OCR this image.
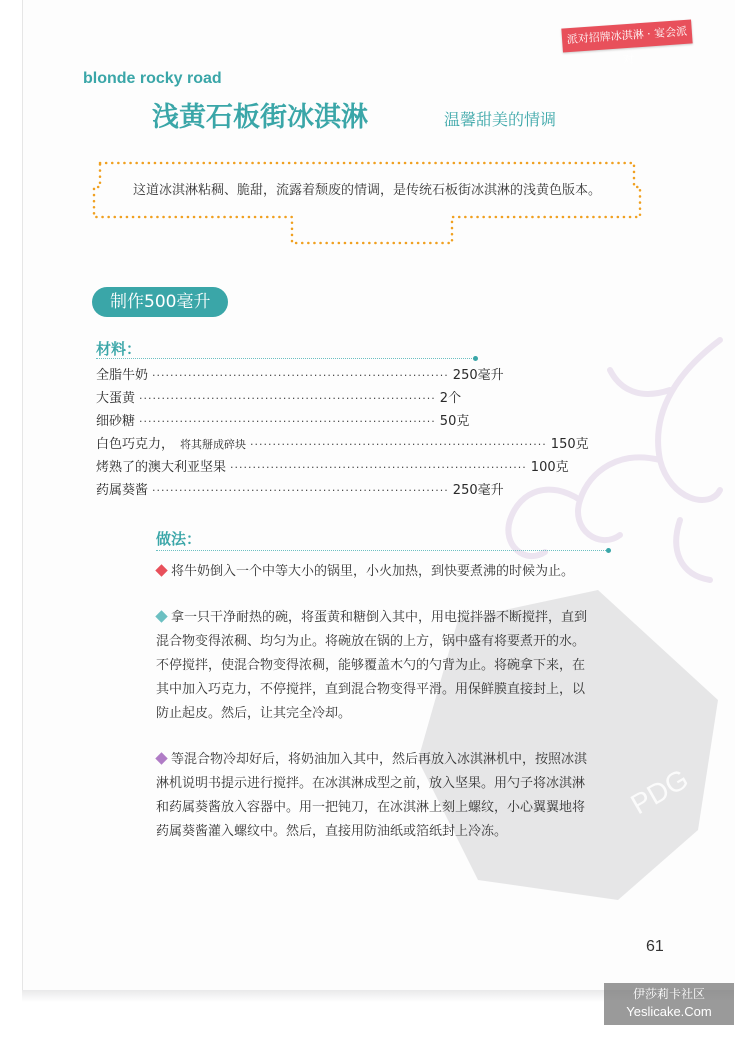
PDG
派对招牌冰淇淋 · 宴会派对
blonde rocky road
浅黄石板街冰淇淋	温馨甜美的情调
这道冰淇淋粘稠、脆甜，流露着颓废的情调，是传统石板街冰淇淋的浅黄色版本。
制作500毫升
材料：
全脂牛奶 ·································································· 250毫升
大蛋黄 ·································································· 2个
细砂糖 ·································································· 50克
白色巧克力， 将其掰成碎块 ·································································· 150克
烤熟了的澳大利亚坚果 ·································································· 100克
药属葵酱 ·································································· 250毫升
做法：

将牛奶倒入一个中等大小的锅里，小火加热，到快要煮沸的时候为止。

拿一只干净耐热的碗，将蛋黄和糖倒入其中，用电搅拌器不断搅拌，直到混合物变得浓稠、均匀为止。将碗放在锅的上方，锅中盛有将要煮开的水。不停搅拌，使混合物变得浓稠，能够覆盖木勺的勺背为止。将碗拿下来，在其中加入巧克力，不停搅拌，直到混合物变得平滑。用保鲜膜直接封上，以防止起皮。然后，让其完全冷却。

等混合物冷却好后，将奶油加入其中，然后再放入冰淇淋机中，按照冰淇淋机说明书提示进行搅拌。在冰淇淋成型之前，放入坚果。用勺子将冰淇淋和药属葵酱放入容器中。用一把钝刀，在冰淇淋上刻上螺纹，小心翼翼地将药属葵酱灌入螺纹中。然后，直接用防油纸或箔纸封上冷冻。

61
伊莎莉卡社区
Yeslicake.Com
